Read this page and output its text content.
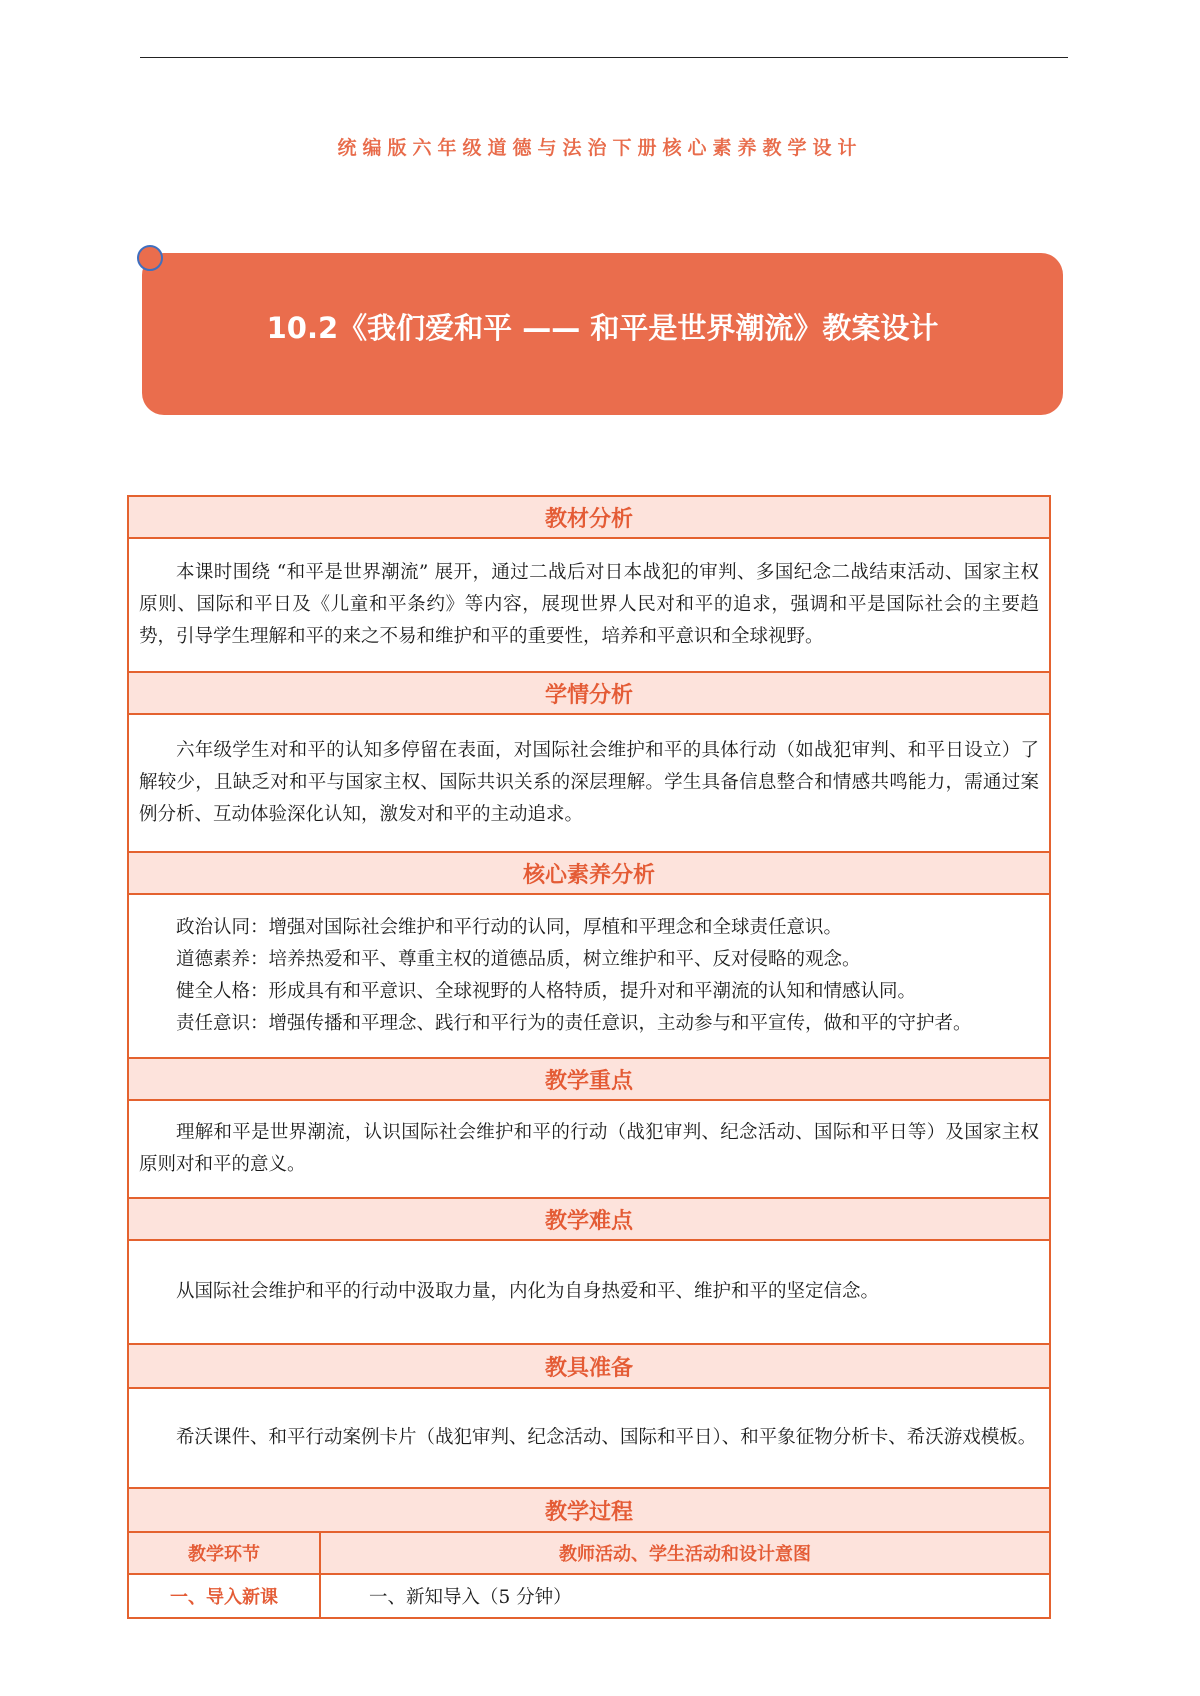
统编版六年级道德与法治下册核心素养教学设计
10.2《我们爱和平 —— 和平是世界潮流》教案设计
教材分析

本课时围绕 “和平是世界潮流” 展开，通过二战后对日本战犯的审判、多国纪念二战结束活动、国家主权原则、国际和平日及《儿童和平条约》等内容，展现世界人民对和平的追求，强调和平是国际社会的主要趋势，引导学生理解和平的来之不易和维护和平的重要性，培养和平意识和全球视野。

学情分析

六年级学生对和平的认知多停留在表面，对国际社会维护和平的具体行动（如战犯审判、和平日设立）了解较少，且缺乏对和平与国家主权、国际共识关系的深层理解。学生具备信息整合和情感共鸣能力，需通过案例分析、互动体验深化认知，激发对和平的主动追求。

核心素养分析

政治认同：增强对国际社会维护和平行动的认同，厚植和平理念和全球责任意识。

道德素养：培养热爱和平、尊重主权的道德品质，树立维护和平、反对侵略的观念。

健全人格：形成具有和平意识、全球视野的人格特质，提升对和平潮流的认知和情感认同。

责任意识：增强传播和平理念、践行和平行为的责任意识，主动参与和平宣传，做和平的守护者。

教学重点

理解和平是世界潮流，认识国际社会维护和平的行动（战犯审判、纪念活动、国际和平日等）及国家主权原则对和平的意义。

教学难点

从国际社会维护和平的行动中汲取力量，内化为自身热爱和平、维护和平的坚定信念。

教具准备

希沃课件、和平行动案例卡片（战犯审判、纪念活动、国际和平日）、和平象征物分析卡、希沃游戏模板。

教学过程
教学环节	教师活动、学生活动和设计意图
一、导入新课	一、新知导入（5 分钟）
